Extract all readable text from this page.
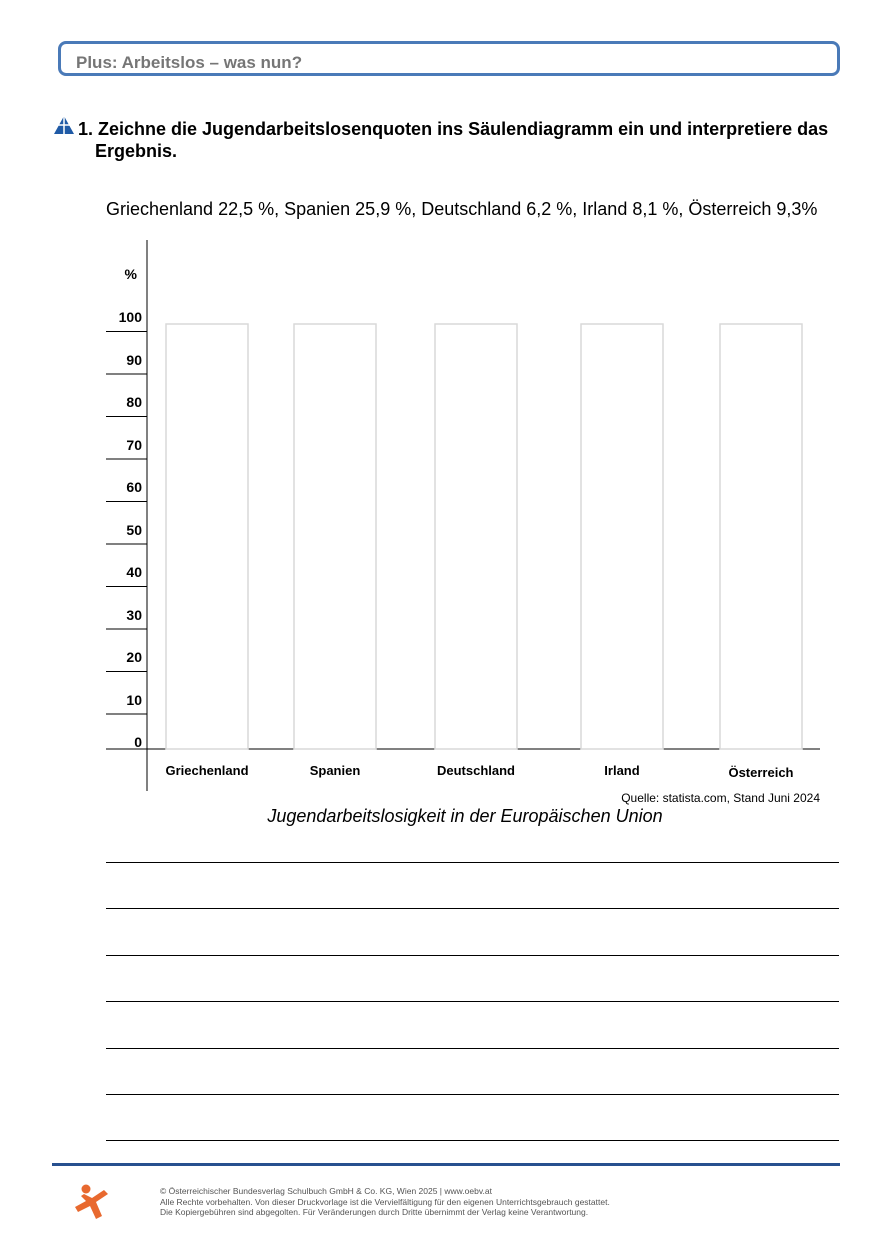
Plus: Arbeitslos – was nun?
1. Zeichne die Jugendarbeitslosenquoten ins Säulendiagramm ein und interpretiere das
Ergebnis.
Griechenland 22,5 %, Spanien 25,9 %, Deutschland 6,2 %, Irland 8,1 %, Österreich 9,3%
0
10
20
30
40
50
60
70
80
90
100
%
Griechenland	Spanien	Deutschland	Irland	Österreich
Quelle: statista.com, Stand Juni 2024
Jugendarbeitslosigkeit in der Europäischen Union
© Österreichischer Bundesverlag Schulbuch GmbH & Co. KG, Wien 2025 | www.oebv.at
Alle Rechte vorbehalten. Von dieser Druckvorlage ist die Vervielfältigung für den eigenen Unterrichtsgebrauch gestattet.
Die Kopiergebühren sind abgegolten. Für Veränderungen durch Dritte übernimmt der Verlag keine Verantwortung.
